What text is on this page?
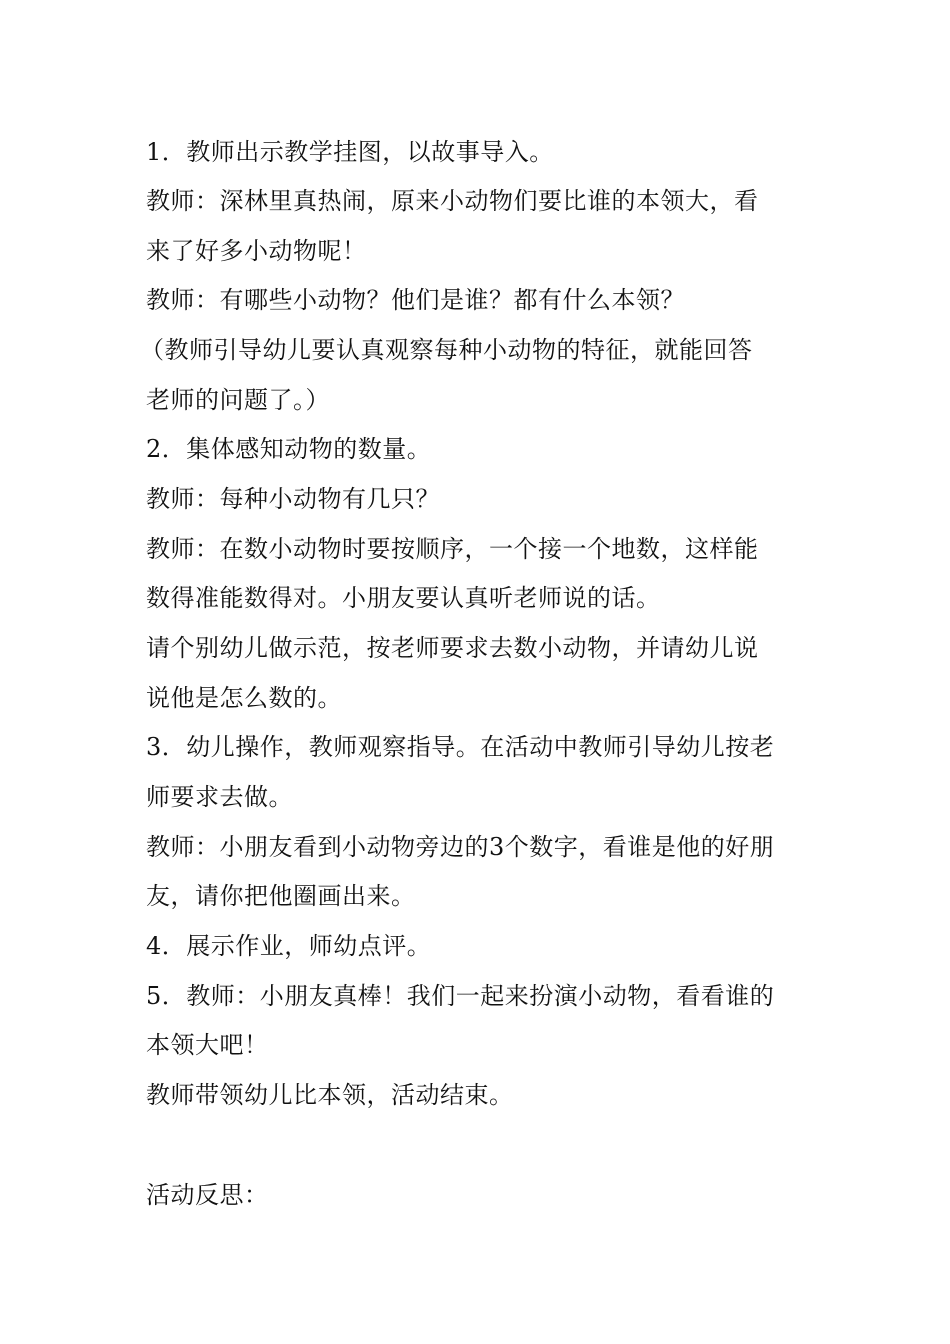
1．教师出示教学挂图，以故事导入。
教师：深林里真热闹，原来小动物们要比谁的本领大，看
来了好多小动物呢！
教师：有哪些小动物？他们是谁？都有什么本领？
（教师引导幼儿要认真观察每种小动物的特征，就能回答
老师的问题了。）
2．集体感知动物的数量。
教师：每种小动物有几只？
教师：在数小动物时要按顺序，一个接一个地数，这样能
数得准能数得对。小朋友要认真听老师说的话。
请个别幼儿做示范，按老师要求去数小动物，并请幼儿说
说他是怎么数的。
3．幼儿操作，教师观察指导。在活动中教师引导幼儿按老
师要求去做。
教师：小朋友看到小动物旁边的3个数字，看谁是他的好朋
友，请你把他圈画出来。
4．展示作业，师幼点评。
5．教师：小朋友真棒！我们一起来扮演小动物，看看谁的
本领大吧！
教师带领幼儿比本领，活动结束。
活动反思：
